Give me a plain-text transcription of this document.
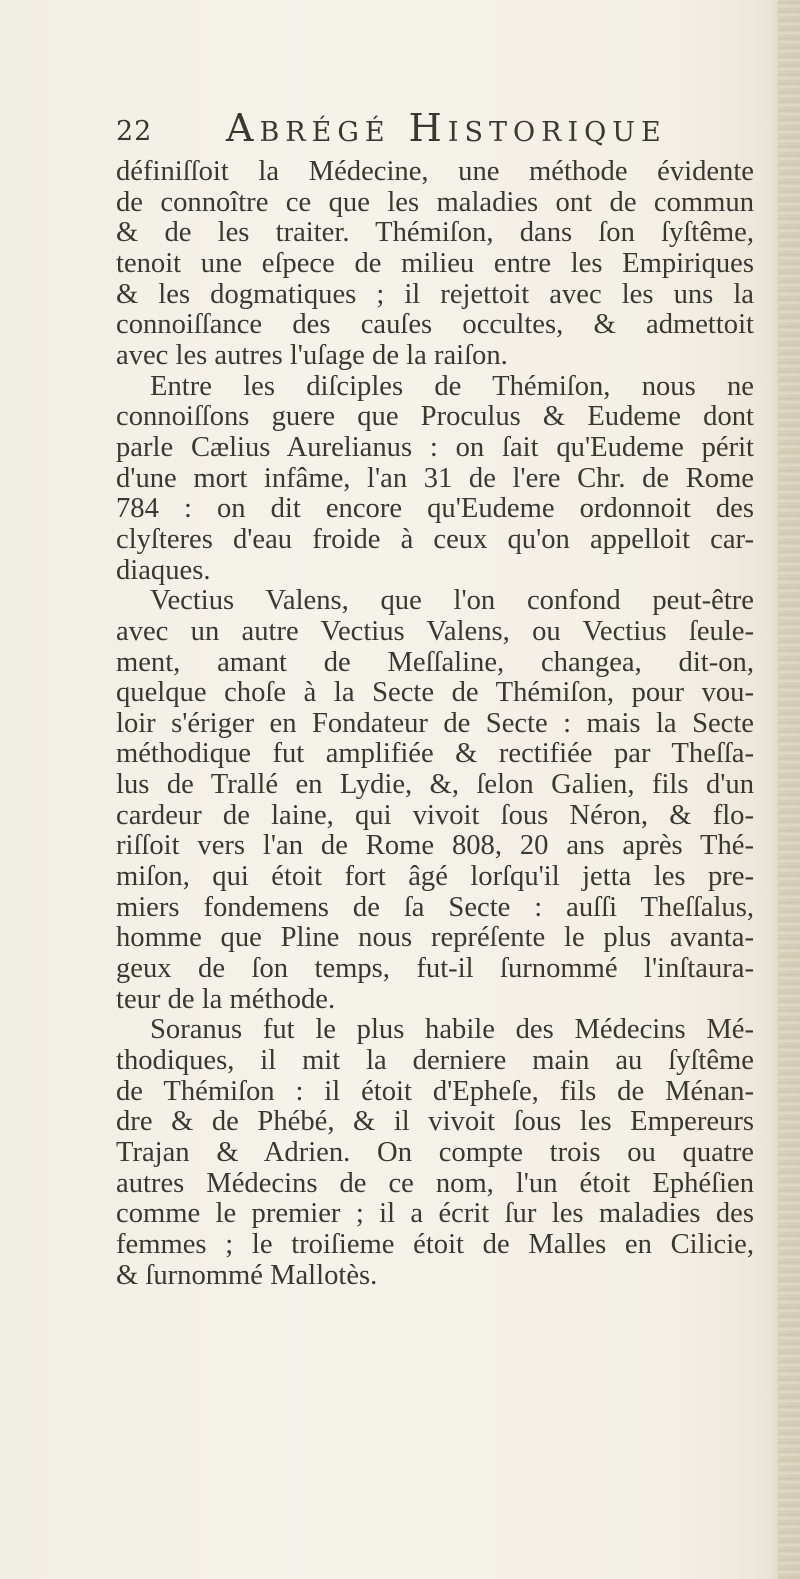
22 Abrégé Historique

définiſſoit la Médecine, une méthode évidente
de connoître ce que les maladies ont de commun
& de les traiter. Thémiſon, dans ſon ſyſtême,
tenoit une eſpece de milieu entre les Empiriques
& les dogmatiques ; il rejettoit avec les uns la
connoiſſance des cauſes occultes, & admettoit
avec les autres l'uſage de la raiſon.

Entre les diſciples de Thémiſon, nous ne
connoiſſons guere que Proculus & Eudeme dont
parle Cælius Aurelianus : on ſait qu'Eudeme périt
d'une mort infâme, l'an 31 de l'ere Chr. de Rome
784 : on dit encore qu'Eudeme ordonnoit des
clyſteres d'eau froide à ceux qu'on appelloit car-
diaques.

Vectius Valens, que l'on confond peut-être
avec un autre Vectius Valens, ou Vectius ſeule-
ment, amant de Meſſaline, changea, dit-on,
quelque choſe à la Secte de Thémiſon, pour vou-
loir s'ériger en Fondateur de Secte : mais la Secte
méthodique fut amplifiée & rectifiée par Theſſa-
lus de Trallé en Lydie, &, ſelon Galien, fils d'un
cardeur de laine, qui vivoit ſous Néron, & flo-
riſſoit vers l'an de Rome 808, 20 ans après Thé-
miſon, qui étoit fort âgé lorſqu'il jetta les pre-
miers fondemens de ſa Secte : auſſi Theſſalus,
homme que Pline nous repréſente le plus avanta-
geux de ſon temps, fut-il ſurnommé l'inſtaura-
teur de la méthode.

Soranus fut le plus habile des Médecins Mé-
thodiques, il mit la derniere main au ſyſtême
de Thémiſon : il étoit d'Epheſe, fils de Ménan-
dre & de Phébé, & il vivoit ſous les Empereurs
Trajan & Adrien. On compte trois ou quatre
autres Médecins de ce nom, l'un étoit Ephéſien
comme le premier ; il a écrit ſur les maladies des
femmes ; le troiſieme étoit de Malles en Cilicie,
& ſurnommé Mallotès.
